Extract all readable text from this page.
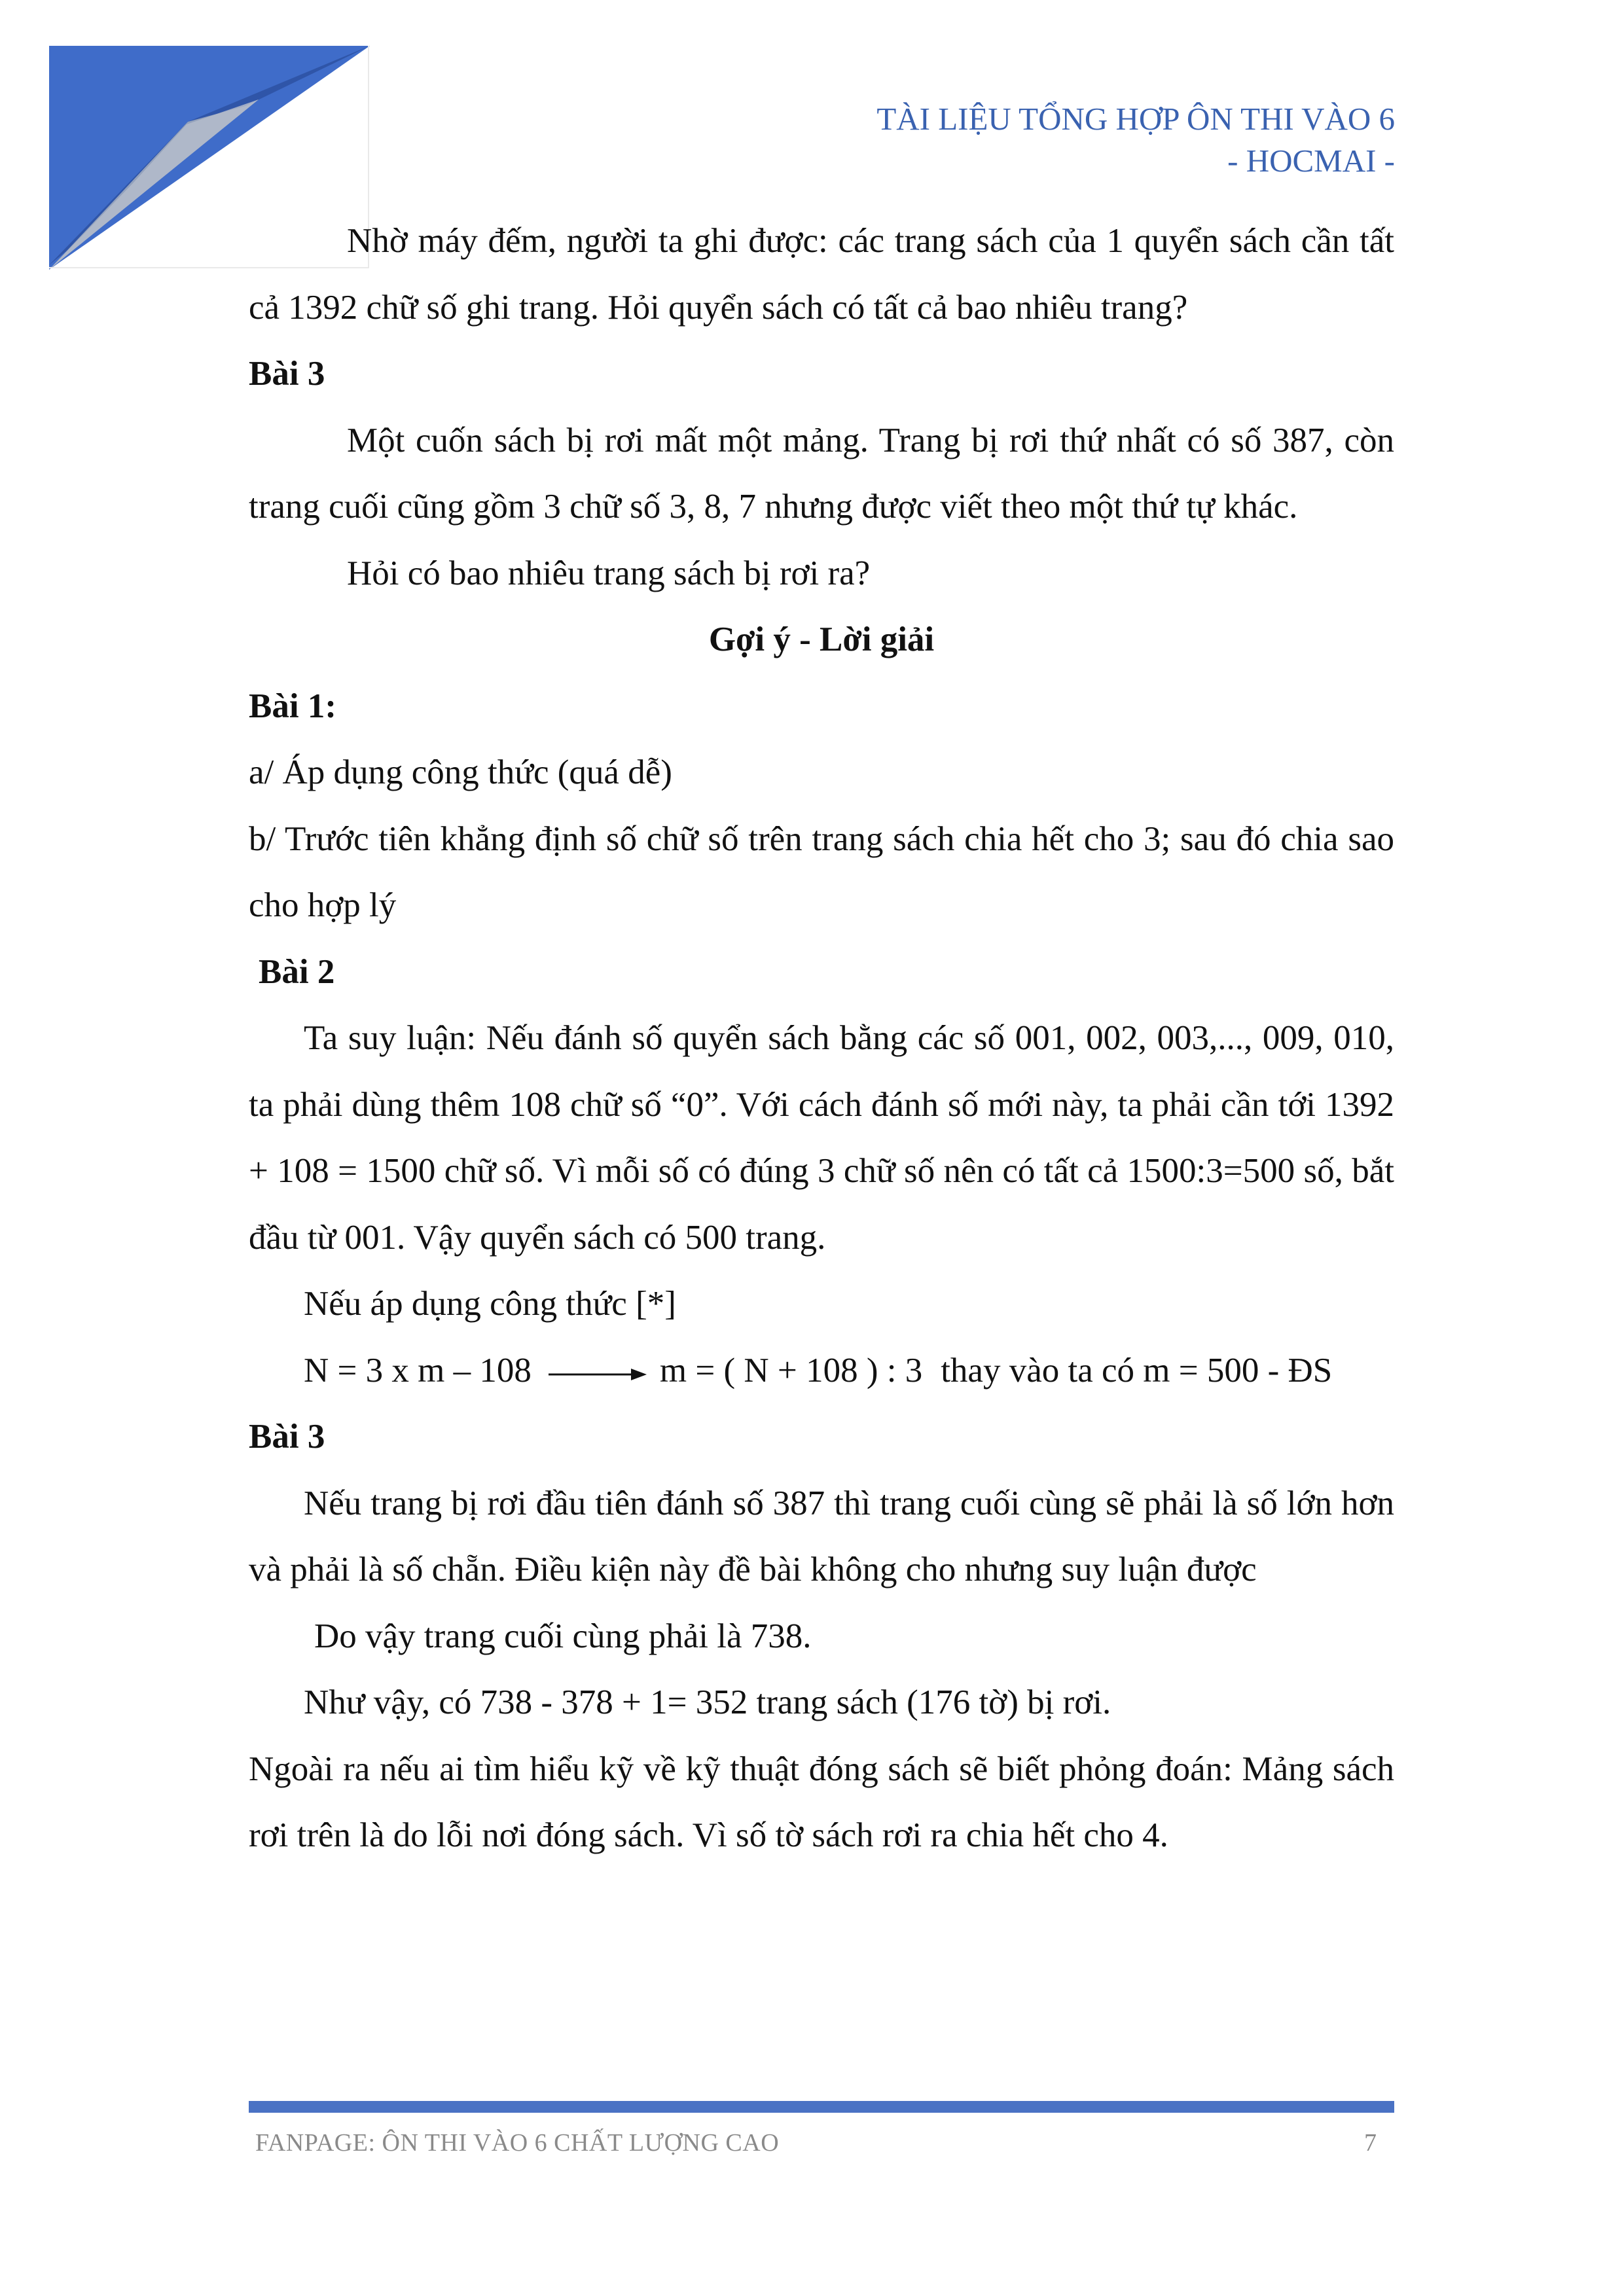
TÀI LIỆU TỔNG HỢP ÔN THI VÀO 6
- HOCMAI -

Nhờ máy đếm, người ta ghi được: các trang sách của 1 quyển sách cần tất cả 1392 chữ số ghi trang. Hỏi quyển sách có tất cả bao nhiêu trang?

Bài 3

Một cuốn sách bị rơi mất một mảng. Trang bị rơi thứ nhất có số 387, còn trang cuối cũng gồm 3 chữ số 3, 8, 7 nhưng được viết theo một thứ tự khác.

Hỏi có bao nhiêu trang sách bị rơi ra?

Gợi ý - Lời giải

Bài 1:

a/ Áp dụng công thức (quá dễ)

b/ Trước tiên khẳng định số chữ số trên trang sách chia hết cho 3; sau đó chia sao cho hợp lý

Bài 2

Ta suy luận: Nếu đánh số quyển sách bằng các số 001, 002, 003,..., 009, 010, ta phải dùng thêm 108 chữ số “0”. Với cách đánh số mới này, ta phải cần tới 1392 + 108 = 1500 chữ số. Vì mỗi số có đúng 3 chữ số nên có tất cả 1500:3=500 số, bắt đầu từ 001. Vậy quyển sách có 500 trang.

Nếu áp dụng công thức [*]

N = 3 x m – 108	m = ( N + 108 ) : 3 thay vào ta có m = 500 - ĐS

Bài 3

Nếu trang bị rơi đầu tiên đánh số 387 thì trang cuối cùng sẽ phải là số lớn hơn và phải là số chẵn. Điều kiện này đề bài không cho nhưng suy luận được

Do vậy trang cuối cùng phải là 738.

Như vậy, có 738 - 378 + 1= 352 trang sách (176 tờ) bị rơi.

Ngoài ra nếu ai tìm hiểu kỹ về kỹ thuật đóng sách sẽ biết phỏng đoán: Mảng sách rơi trên là do lỗi nơi đóng sách. Vì số tờ sách rơi ra chia hết cho 4.

FANPAGE: ÔN THI VÀO 6 CHẤT LƯỢNG CAO	7
